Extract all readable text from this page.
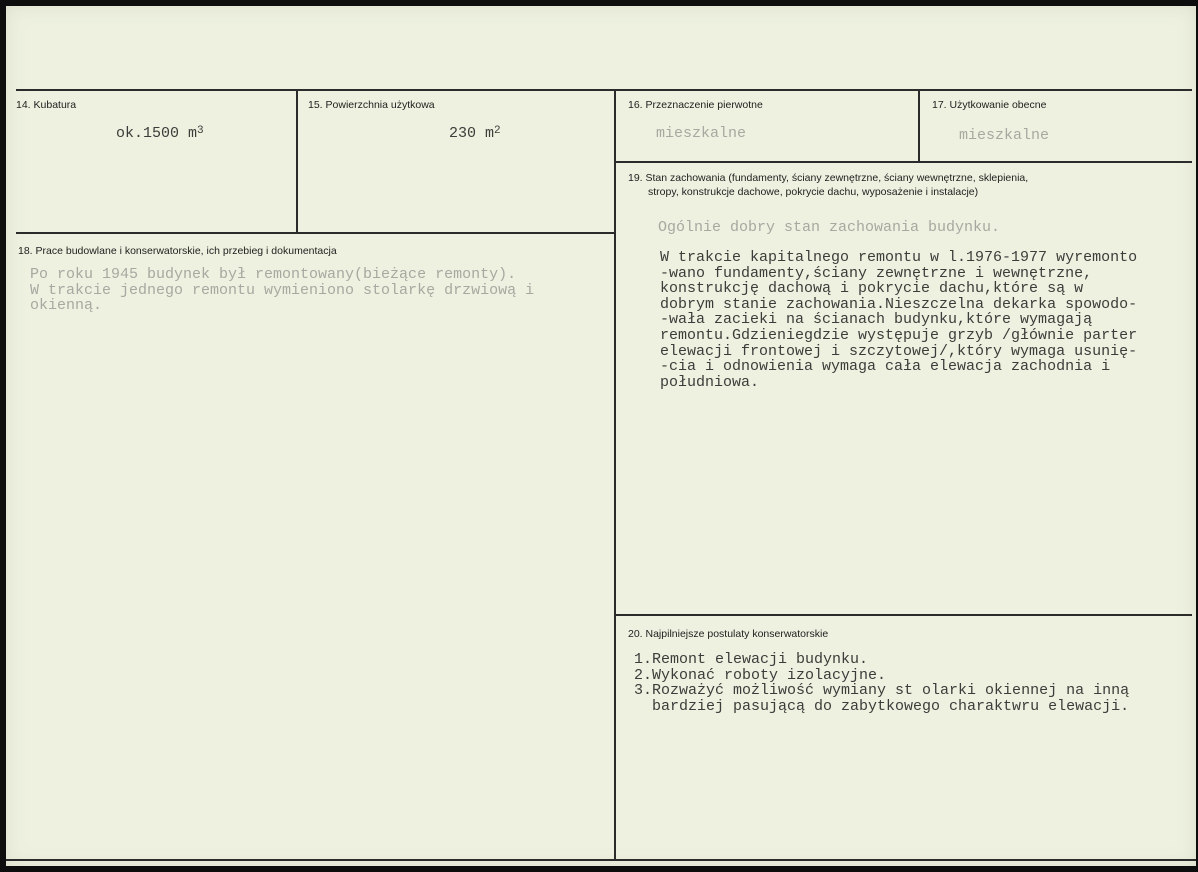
14. Kubatura
ok.1500 $m^3$
15. Powierzchnia użytkowa
230 $m^2$
16. Przeznaczenie pierwotne
mieszkalne
17. Użytkowanie obecne
mieszkalne
18. Prace budowlane i konserwatorskie, ich przebieg i dokumentacja
Po roku 1945 budynek był remontowany(bieżące remonty).
W trakcie jednego remontu wymieniono stolarkę drzwiową i
okienną.
19. Stan zachowania (fundamenty, ściany zewnętrzne, ściany wewnętrzne, sklepienia,
stropy, konstrukcje dachowe, pokrycie dachu, wyposażenie i instalacje)
Ogólnie dobry stan zachowania budynku.
W trakcie kapitalnego remontu w l.1976-1977 wyremonto
-wano fundamenty,ściany zewnętrzne i wewnętrzne,
konstrukcję dachową i pokrycie dachu,które są w
dobrym stanie zachowania.Nieszczelna dekarka spowodo-
-wała zacieki na ścianach budynku,które wymagają
remontu.Gdzieniegdzie występuje grzyb /głównie parter
elewacji frontowej i szczytowej/,który wymaga usunię-
-cia i odnowienia wymaga cała elewacja zachodnia i
południowa.
20. Najpilniejsze postulaty konserwatorskie
1.Remont elewacji budynku.
2.Wykonać roboty izolacyjne.
3.Rozważyć możliwość wymiany st olarki okiennej na inną
bardziej pasującą do zabytkowego charaktwru elewacji.
